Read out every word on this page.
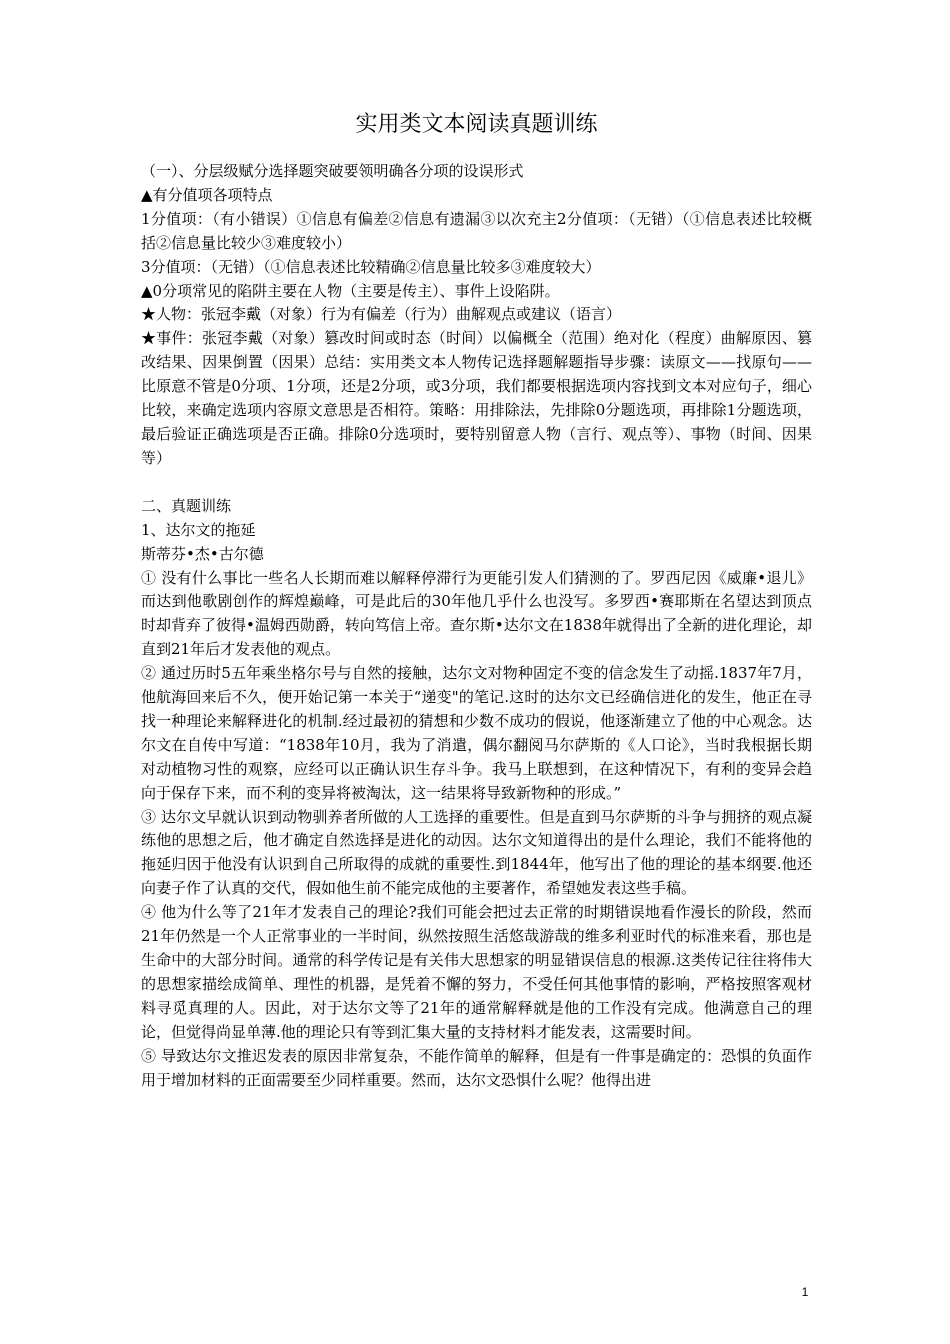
实用类文本阅读真题训练

（一）、分层级赋分选择题突破要领明确各分项的设误形式

▲有分值项各项特点

1分值项：（有小错误）①信息有偏差②信息有遗漏③以次充主2分值项：（无错）（①信息表述比较概括②信息量比较少③难度较小）

3分值项：（无错）（①信息表述比较精确②信息量比较多③难度较大）

▲0分项常见的陷阱主要在人物（主要是传主）、事件上设陷阱。

★人物：张冠李戴（对象）行为有偏差（行为）曲解观点或建议（语言）

★事件：张冠李戴（对象）篡改时间或时态（时间）以偏概全（范围）绝对化（程度）曲解原因、篡改结果、因果倒置（因果）总结：实用类文本人物传记选择题解题指导步骤：读原文——找原句——比原意不管是0分项、1分项，还是2分项，或3分项，我们都要根据选项内容找到文本对应句子，细心比较，来确定选项内容原文意思是否相符。策略：用排除法，先排除0分题选项，再排除1分题选项，最后验证正确选项是否正确。排除0分选项时，要特别留意人物（言行、观点等）、事物（时间、因果等）

二、真题训练

1、达尔文的拖延

斯蒂芬•杰•古尔德

① 没有什么事比一些名人长期而难以解释停滞行为更能引发人们猜测的了。罗西尼因《威廉•退儿》而达到他歌剧创作的辉煌巅峰，可是此后的30年他几乎什么也没写。多罗西•赛耶斯在名望达到顶点时却背弃了彼得•温姆西勋爵，转向笃信上帝。查尔斯•达尔文在1838年就得出了全新的进化理论，却直到21年后才发表他的观点。

② 通过历时5五年乘坐格尔号与自然的接触，达尔文对物种固定不变的信念发生了动摇.1837年7月，他航海回来后不久，便开始记第一本关于“递变"的笔记.这时的达尔文已经确信进化的发生，他正在寻找一种理论来解释进化的机制.经过最初的猜想和少数不成功的假说，他逐渐建立了他的中心观念。达尔文在自传中写道：“1838年10月，我为了消遣，偶尔翻阅马尔萨斯的《人口论》，当时我根据长期对动植物习性的观察，应经可以正确认识生存斗争。我马上联想到，在这种情况下，有利的变异会趋向于保存下来，而不利的变异将被淘汰，这一结果将导致新物种的形成。”

③ 达尔文早就认识到动物驯养者所做的人工选择的重要性。但是直到马尔萨斯的斗争与拥挤的观点凝练他的思想之后，他才确定自然选择是进化的动因。达尔文知道得出的是什么理论，我们不能将他的拖延归因于他没有认识到自己所取得的成就的重要性.到1844年，他写出了他的理论的基本纲要.他还向妻子作了认真的交代，假如他生前不能完成他的主要著作，希望她发表这些手稿。

④ 他为什么等了21年才发表自己的理论?我们可能会把过去正常的时期错误地看作漫长的阶段，然而21年仍然是一个人正常事业的一半时间，纵然按照生活悠哉游哉的维多利亚时代的标准来看，那也是生命中的大部分时间。通常的科学传记是有关伟大思想家的明显错误信息的根源.这类传记往往将伟大的思想家描绘成简单、理性的机器，是凭着不懈的努力，不受任何其他事情的影响，严格按照客观材料寻觅真理的人。因此，对于达尔文等了21年的通常解释就是他的工作没有完成。他满意自己的理论，但觉得尚显单薄.他的理论只有等到汇集大量的支持材料才能发表，这需要时间。

⑤ 导致达尔文推迟发表的原因非常复杂，不能作简单的解释，但是有一件事是确定的：恐惧的负面作用于增加材料的正面需要至少同样重要。然而，达尔文恐惧什么呢？他得出进

1
